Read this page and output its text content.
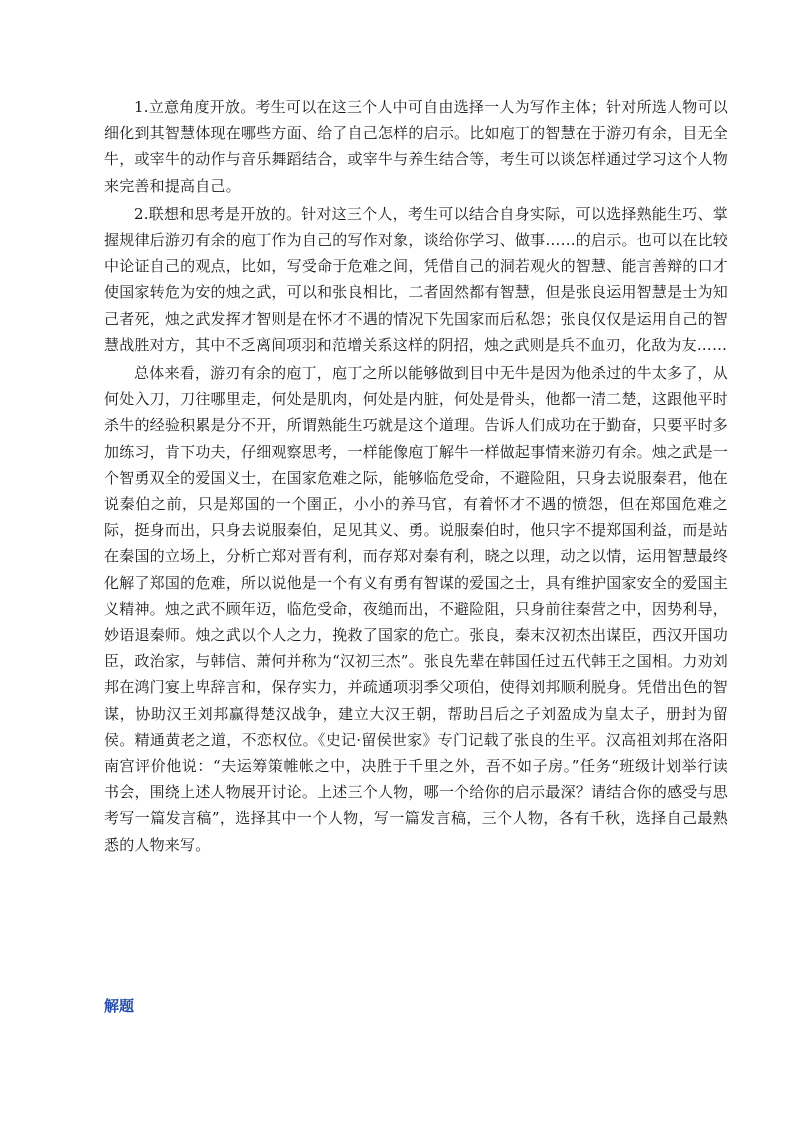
1.立意角度开放。考生可以在这三个人中可自由选择一人为写作主体；针对所选人物可以细化到其智慧体现在哪些方面、给了自己怎样的启示。比如庖丁的智慧在于游刃有余，目无全牛，或宰牛的动作与音乐舞蹈结合，或宰牛与养生结合等，考生可以谈怎样通过学习这个人物来完善和提高自己。

2.联想和思考是开放的。针对这三个人，考生可以结合自身实际，可以选择熟能生巧、掌握规律后游刃有余的庖丁作为自己的写作对象，谈给你学习、做事……的启示。也可以在比较中论证自己的观点，比如，写受命于危难之间，凭借自己的洞若观火的智慧、能言善辩的口才使国家转危为安的烛之武，可以和张良相比，二者固然都有智慧，但是张良运用智慧是士为知己者死，烛之武发挥才智则是在怀才不遇的情况下先国家而后私怨；张良仅仅是运用自己的智慧战胜对方，其中不乏离间项羽和范增关系这样的阴招，烛之武则是兵不血刃，化敌为友……

总体来看，游刃有余的庖丁，庖丁之所以能够做到目中无牛是因为他杀过的牛太多了，从何处入刀，刀往哪里走，何处是肌肉，何处是内脏，何处是骨头，他都一清二楚，这跟他平时杀牛的经验积累是分不开，所谓熟能生巧就是这个道理。告诉人们成功在于勤奋，只要平时多加练习，肯下功夫，仔细观察思考，一样能像庖丁解牛一样做起事情来游刃有余。烛之武是一个智勇双全的爱国义士，在国家危难之际，能够临危受命，不避险阻，只身去说服秦君，他在说秦伯之前，只是郑国的一个圉正，小小的养马官，有着怀才不遇的愤怨，但在郑国危难之际，挺身而出，只身去说服秦伯，足见其义、勇。说服秦伯时，他只字不提郑国利益，而是站在秦国的立场上，分析亡郑对晋有利，而存郑对秦有利，晓之以理，动之以情，运用智慧最终化解了郑国的危难，所以说他是一个有义有勇有智谋的爱国之士，具有维护国家安全的爱国主义精神。烛之武不顾年迈，临危受命，夜缒而出，不避险阻，只身前往秦营之中，因势利导，妙语退秦师。烛之武以个人之力，挽救了国家的危亡。张良，秦末汉初杰出谋臣，西汉开国功臣，政治家，与韩信、萧何并称为“汉初三杰”。张良先辈在韩国任过五代韩王之国相。力劝刘邦在鸿门宴上卑辞言和，保存实力，并疏通项羽季父项伯，使得刘邦顺利脱身。凭借出色的智谋，协助汉王刘邦赢得楚汉战争，建立大汉王朝，帮助吕后之子刘盈成为皇太子，册封为留侯。精通黄老之道，不恋权位。《史记·留侯世家》专门记载了张良的生平。汉高祖刘邦在洛阳南宫评价他说：“夫运筹策帷帐之中，决胜于千里之外，吾不如子房。”任务“班级计划举行读书会，围绕上述人物展开讨论。上述三个人物，哪一个给你的启示最深？请结合你的感受与思考写一篇发言稿”，选择其中一个人物，写一篇发言稿，三个人物，各有千秋，选择自己最熟悉的人物来写。

解题
